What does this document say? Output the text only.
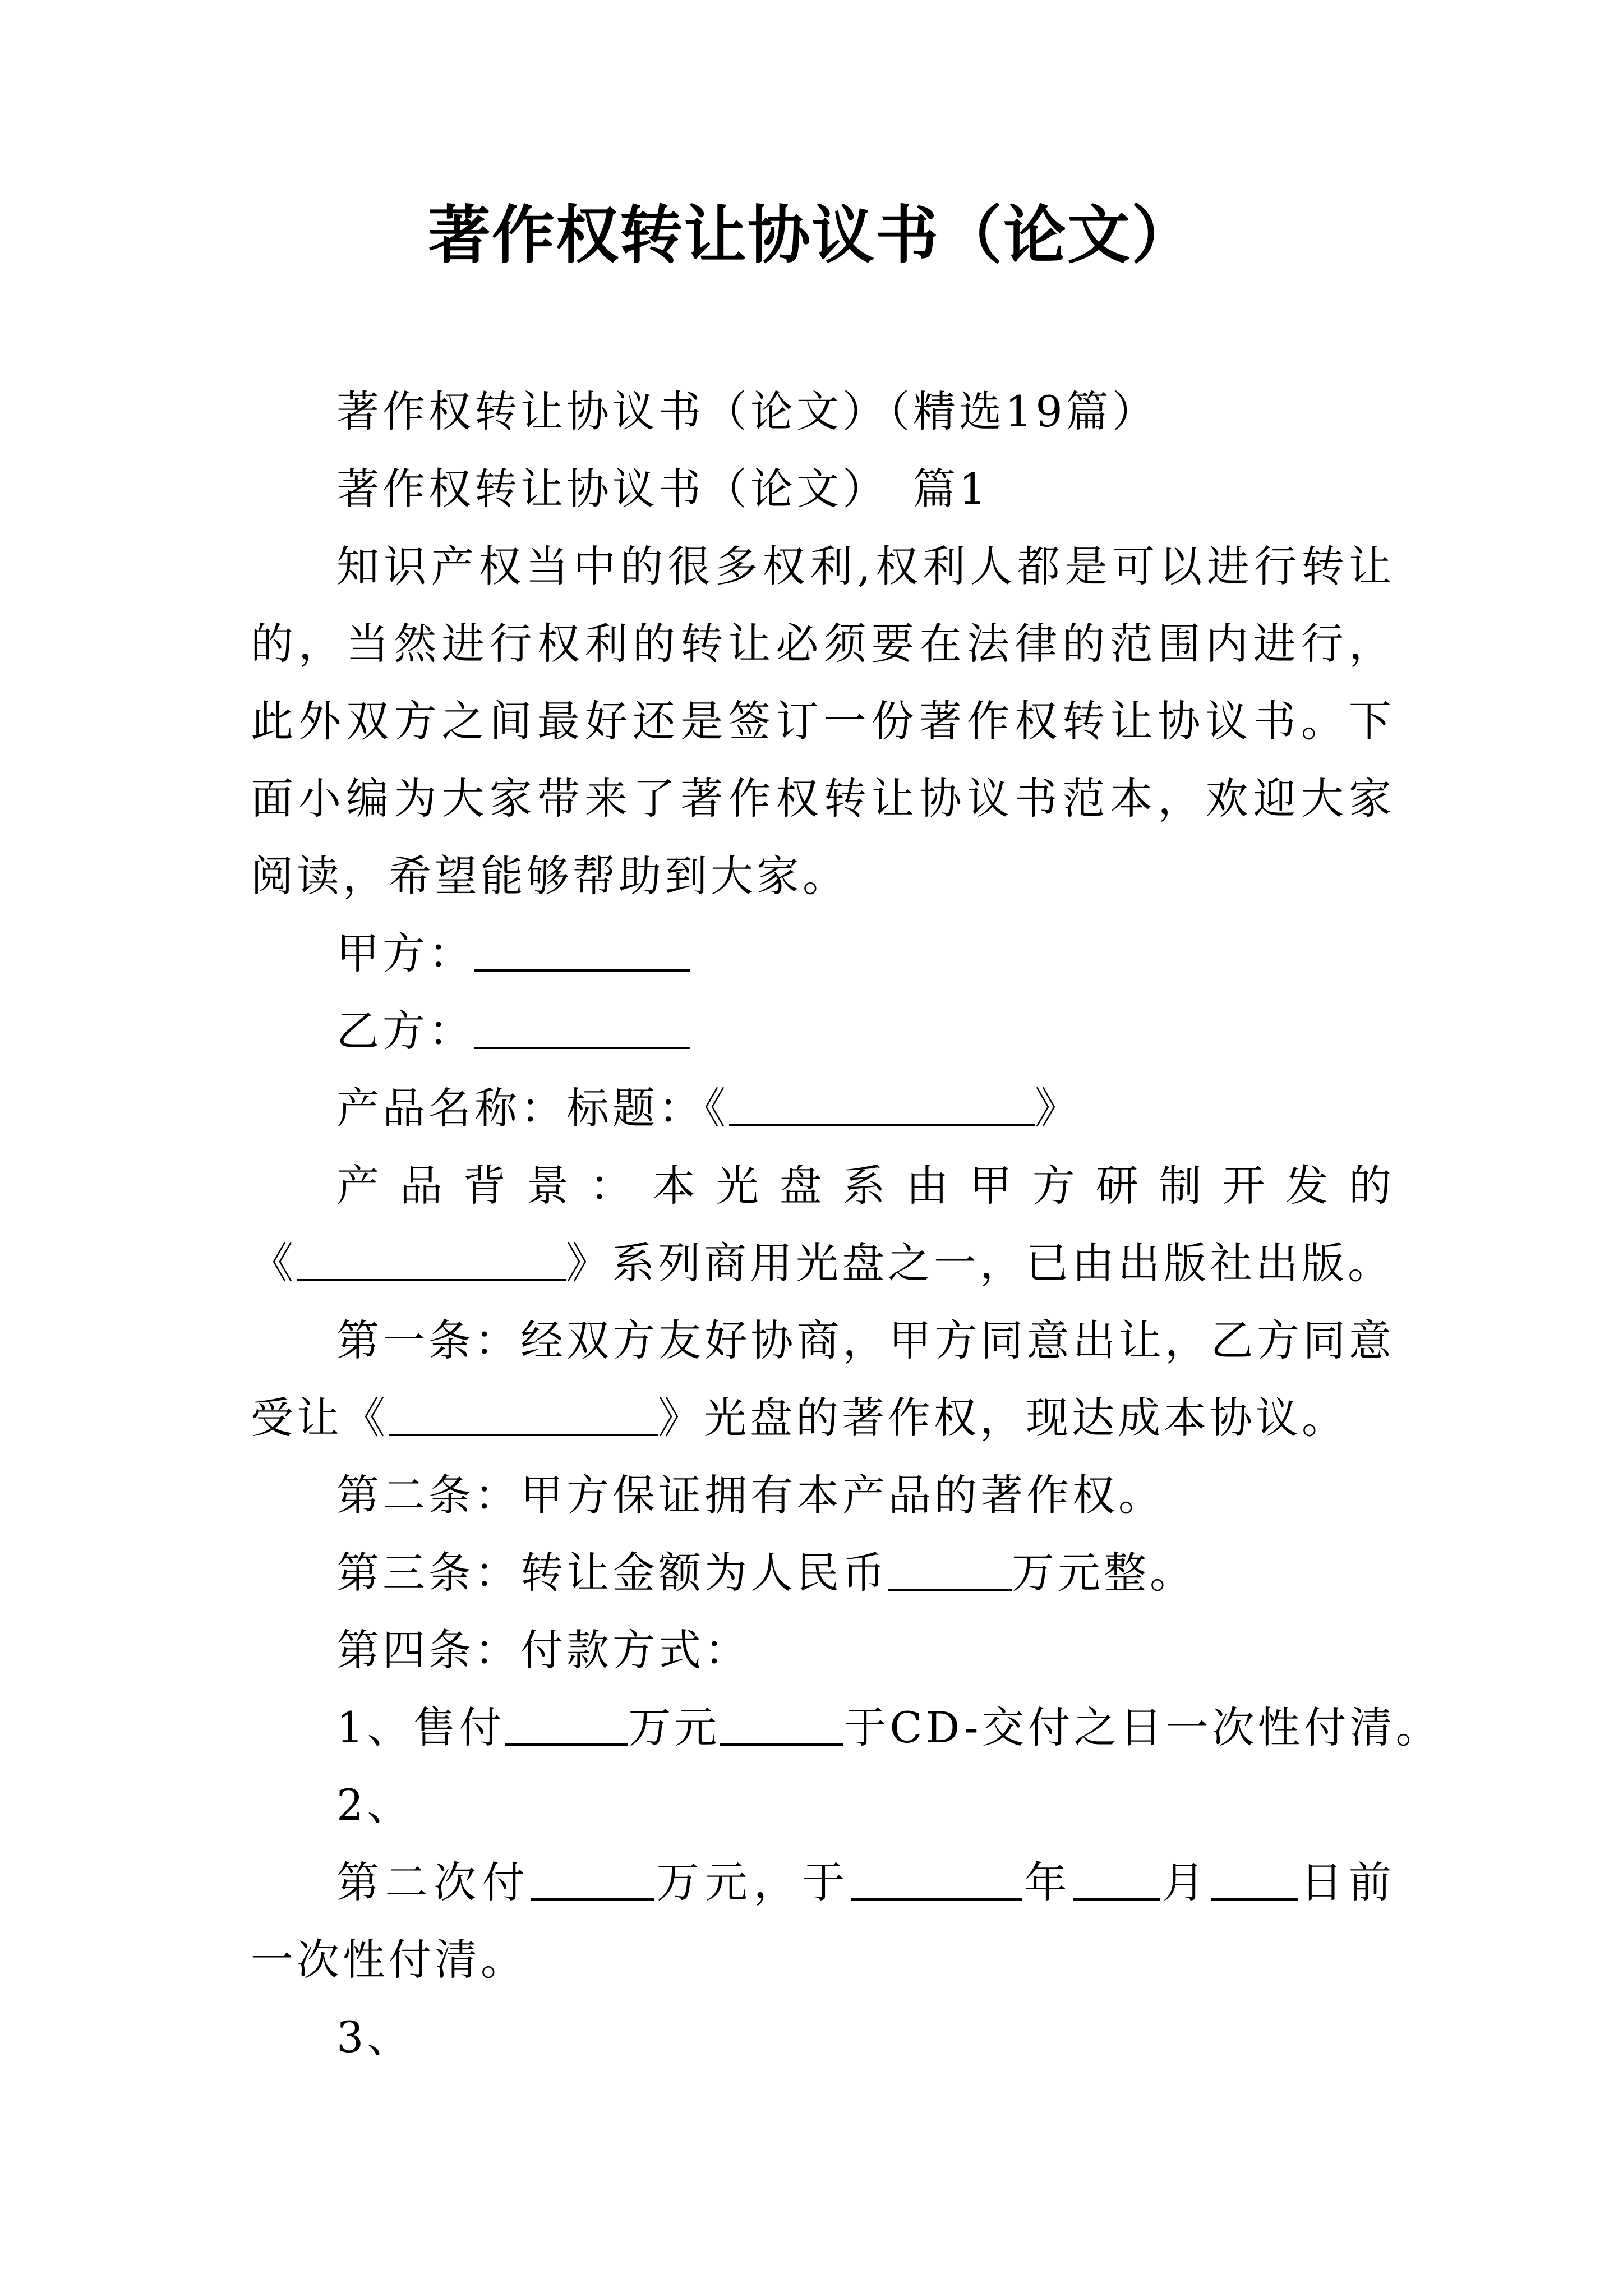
著作权转让协议书（论文）

著作权转让协议书（论文）（精选19篇）

著作权转让协议书（论文）　篇1

知识产权当中的很多权利,权利人都是可以进行转让的，当然进行权利的转让必须要在法律的范围内进行，此外双方之间最好还是签订一份著作权转让协议书。下面小编为大家带来了著作权转让协议书范本，欢迎大家阅读，希望能够帮助到大家。

甲方：

乙方：

产品名称：标题：《	》

产品背景：本光盘系由甲方研制开发的

《	》系列商用光盘之一，已由出版社出版。

第一条：经双方友好协商，甲方同意出让，乙方同意受让《	》光盘的著作权，现达成本协议。

第二条：甲方保证拥有本产品的著作权。

第三条：转让金额为人民币	万元整。

第四条：付款方式：

1、售付	万元	于CD-交付之日一次性付清。

2、

第二次付	万元，于	年 月 日前一次性付清。

3、
